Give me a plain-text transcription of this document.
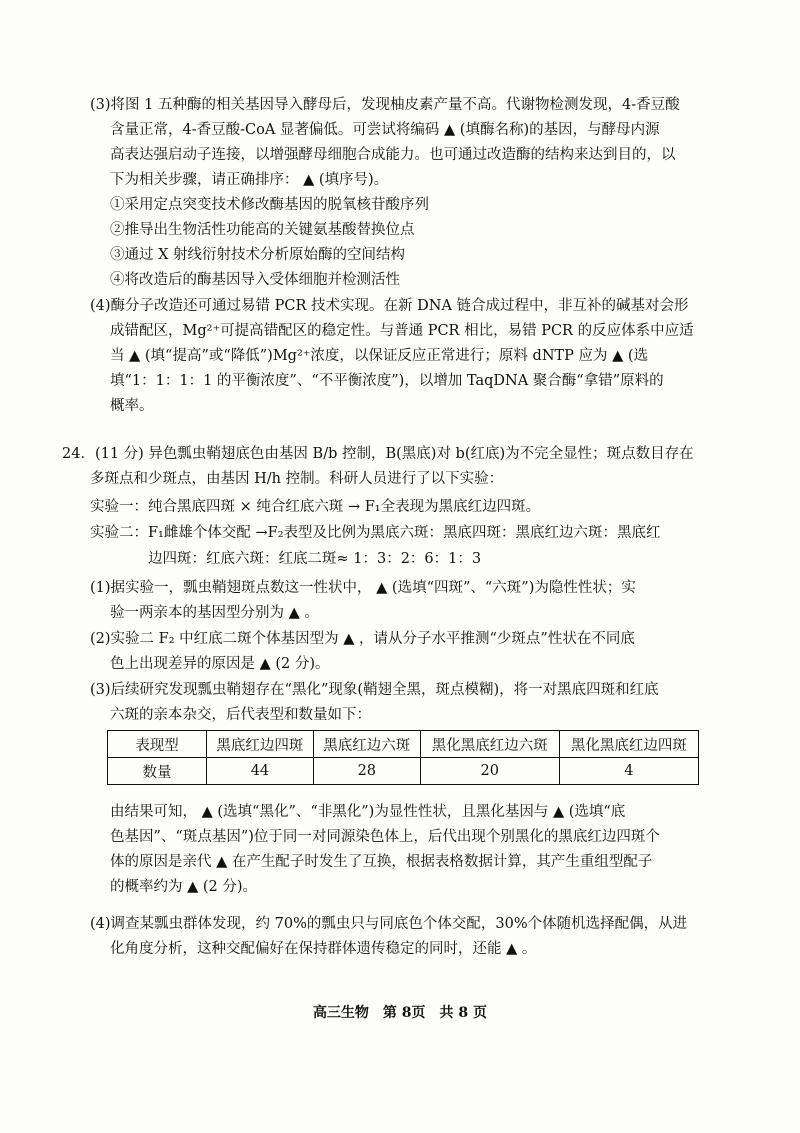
(3)将图 1 五种酶的相关基因导入酵母后，发现柚皮素产量不高。代谢物检测发现，4-香豆酸
含量正常，4-香豆酸-CoA 显著偏低。可尝试将编码 ▲ (填酶名称)的基因，与酵母内源
高表达强启动子连接，以增强酵母细胞合成能力。也可通过改造酶的结构来达到目的，以
下为相关步骤，请正确排序： ▲ (填序号)。
①采用定点突变技术修改酶基因的脱氧核苷酸序列
②推导出生物活性功能高的关键氨基酸替换位点
③通过 X 射线衍射技术分析原始酶的空间结构
④将改造后的酶基因导入受体细胞并检测活性
(4)酶分子改造还可通过易错 PCR 技术实现。在新 DNA 链合成过程中，非互补的碱基对会形
成错配区，Mg²⁺可提高错配区的稳定性。与普通 PCR 相比，易错 PCR 的反应体系中应适
当 ▲ (填“提高”或“降低”)Mg²⁺浓度，以保证反应正常进行；原料 dNTP 应为 ▲ (选
填“1：1：1：1 的平衡浓度”、“不平衡浓度”)，以增加 TaqDNA 聚合酶“拿错”原料的
概率。
24．(11 分) 异色瓢虫鞘翅底色由基因 B/b 控制，B(黑底)对 b(红底)为不完全显性；斑点数目存在
多斑点和少斑点，由基因 H/h 控制。科研人员进行了以下实验：
实验一：纯合黑底四斑 × 纯合红底六斑 → F₁全表现为黑底红边四斑。
实验二：F₁雌雄个体交配 →F₂表型及比例为黑底六斑：黑底四斑：黑底红边六斑：黑底红
边四斑：红底六斑：红底二斑≈ 1：3：2：6：1：3
(1)据实验一，瓢虫鞘翅斑点数这一性状中， ▲ (选填“四斑”、“六斑”)为隐性性状；实
验一两亲本的基因型分别为 ▲ 。
(2)实验二 F₂ 中红底二斑个体基因型为 ▲ ，请从分子水平推测“少斑点”性状在不同底
色上出现差异的原因是 ▲ (2 分)。
(3)后续研究发现瓢虫鞘翅存在“黑化”现象(鞘翅全黑，斑点模糊)，将一对黑底四斑和红底
六斑的亲本杂交，后代表型和数量如下：
由结果可知， ▲ (选填“黑化”、“非黑化”)为显性性状，且黑化基因与 ▲ (选填“底
色基因”、“斑点基因”)位于同一对同源染色体上，后代出现个别黑化的黑底红边四斑个
体的原因是亲代 ▲ 在产生配子时发生了互换，根据表格数据计算，其产生重组型配子
的概率约为 ▲ (2 分)。
(4)调查某瓢虫群体发现，约 70%的瓢虫只与同底色个体交配，30%个体随机选择配偶，从进
化角度分析，这种交配偏好在保持群体遗传稳定的同时，还能 ▲ 。
表现型	黑底红边四斑	黑底红边六斑	黑化黑底红边六斑	黑化黑底红边四斑
数量	44	28	20	4
高三生物　第 8页　共 8 页
